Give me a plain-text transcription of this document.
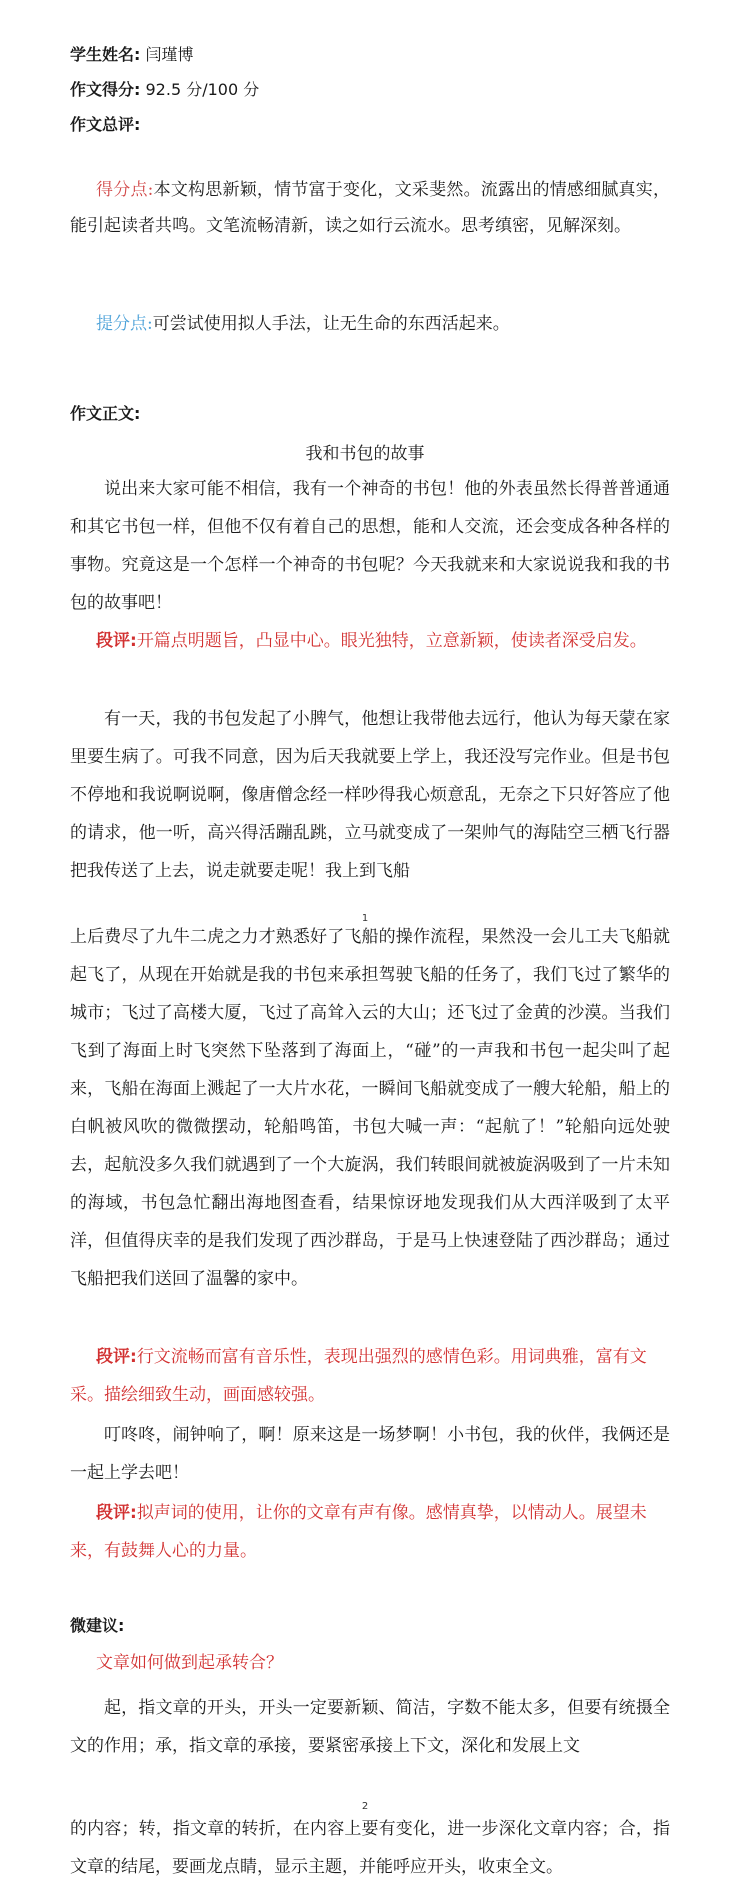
学生姓名: 闫瑾博
作文得分: 92.5 分/100 分
作文总评:
得分点:本文构思新颖，情节富于变化，文采斐然。流露出的情感细腻真实，能引起读者共鸣。文笔流畅清新，读之如行云流水。思考缜密，见解深刻。
提分点:可尝试使用拟人手法，让无生命的东西活起来。
作文正文:
我和书包的故事
说出来大家可能不相信，我有一个神奇的书包！他的外表虽然长得普普通通和其它书包一样，但他不仅有着自己的思想，能和人交流，还会变成各种各样的事物。究竟这是一个怎样一个神奇的书包呢？今天我就来和大家说说我和我的书包的故事吧！
段评:开篇点明题旨，凸显中心。眼光独特，立意新颖，使读者深受启发。
有一天，我的书包发起了小脾气，他想让我带他去远行，他认为每天蒙在家里要生病了。可我不同意，因为后天我就要上学上，我还没写完作业。但是书包不停地和我说啊说啊，像唐僧念经一样吵得我心烦意乱，无奈之下只好答应了他的请求，他一听，高兴得活蹦乱跳，立马就变成了一架帅气的海陆空三栖飞行器把我传送了上去，说走就要走呢！我上到飞船
1
上后费尽了九牛二虎之力才熟悉好了飞船的操作流程，果然没一会儿工夫飞船就起飞了，从现在开始就是我的书包来承担驾驶飞船的任务了，我们飞过了繁华的城市；飞过了高楼大厦，飞过了高耸入云的大山；还飞过了金黄的沙漠。当我们飞到了海面上时飞突然下坠落到了海面上，“碰”的一声我和书包一起尖叫了起来，飞船在海面上溅起了一大片水花，一瞬间飞船就变成了一艘大轮船，船上的白帆被风吹的微微摆动，轮船鸣笛，书包大喊一声：“起航了！”轮船向远处驶去，起航没多久我们就遇到了一个大旋涡，我们转眼间就被旋涡吸到了一片未知的海域，书包急忙翻出海地图查看，结果惊讶地发现我们从大西洋吸到了太平洋，但值得庆幸的是我们发现了西沙群岛，于是马上快速登陆了西沙群岛；通过飞船把我们送回了温馨的家中。
段评:行文流畅而富有音乐性，表现出强烈的感情色彩。用词典雅，富有文采。描绘细致生动，画面感较强。
叮咚咚，闹钟响了，啊！原来这是一场梦啊！小书包，我的伙伴，我俩还是一起上学去吧！
段评:拟声词的使用，让你的文章有声有像。感情真挚，以情动人。展望未来，有鼓舞人心的力量。
微建议:
文章如何做到起承转合？
起，指文章的开头，开头一定要新颖、简洁，字数不能太多，但要有统摄全文的作用；承，指文章的承接，要紧密承接上下文，深化和发展上文
2
的内容；转，指文章的转折，在内容上要有变化，进一步深化文章内容；合，指文章的结尾，要画龙点睛，显示主题，并能呼应开头，收束全文。
